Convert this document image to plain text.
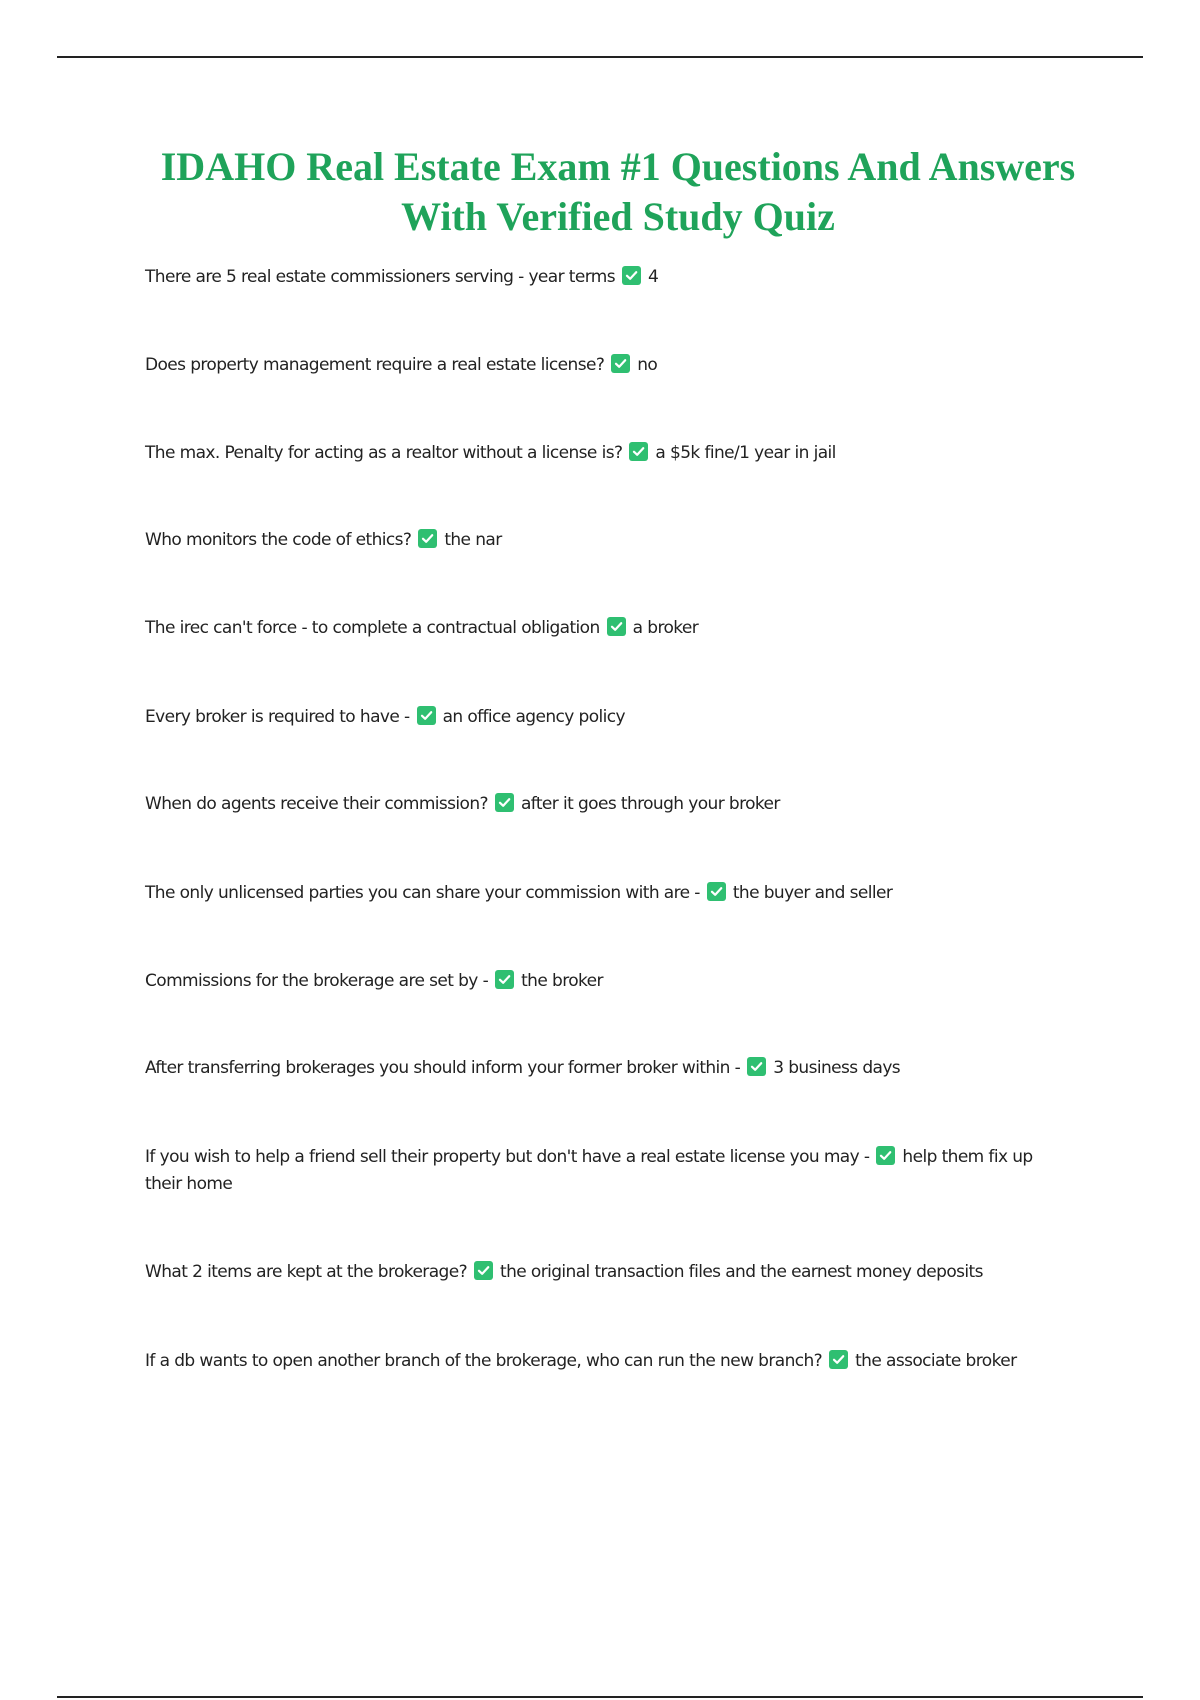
IDAHO Real Estate Exam #1 Questions And Answers With Verified Study Quiz
There are 5 real estate commissioners serving - year terms 4
Does property management require a real estate license? no
The max. Penalty for acting as a realtor without a license is? a $5k fine/1 year in jail
Who monitors the code of ethics? the nar
The irec can't force - to complete a contractual obligation a broker
Every broker is required to have - an office agency policy
When do agents receive their commission? after it goes through your broker
The only unlicensed parties you can share your commission with are - the buyer and seller
Commissions for the brokerage are set by - the broker
After transferring brokerages you should inform your former broker within - 3 business days
If you wish to help a friend sell their property but don't have a real estate license you may - help them fix up their home
What 2 items are kept at the brokerage? the original transaction files and the earnest money deposits
If a db wants to open another branch of the brokerage, who can run the new branch? the associate broker
